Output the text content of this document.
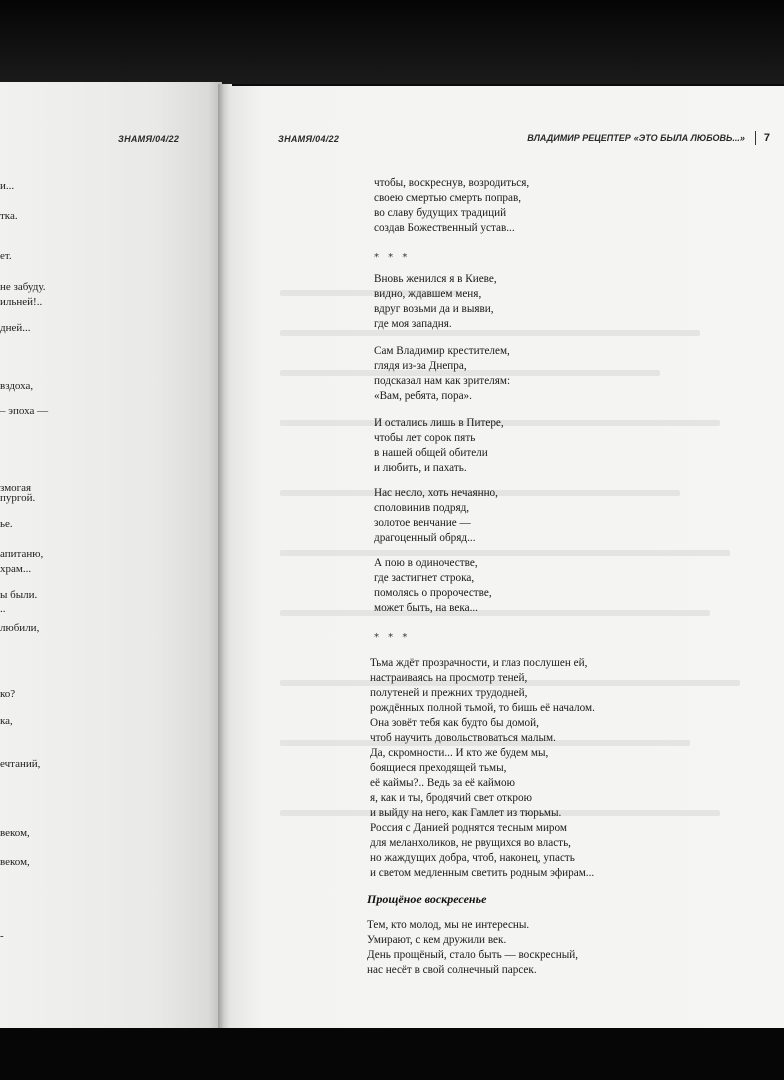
ЗНАМЯ/04/22	ЗНАМЯ/04/22	ВЛАДИМИР РЕЦЕПТЕР «ЭТО БЫЛА ЛЮБОВЬ...» 7
и...
тка.
ет.
не забуду.
ильней!..
дней...
вздоха,
– эпоха —
змогая
пургой.
ье.
апитаню,
храм...
ы были.
..
любили,
ко?
ка,
ечтаний,
веком,
веком,
-
чтобы, воскреснув, возродиться,
своею смертью смерть поправ,
во славу будущих традиций
создав Божественный устав...
* * *
Вновь женился я в Киеве,
видно, ждавшем меня,
вдруг возьми да и выяви,
где моя западня.
Сам Владимир крестителем,
глядя из-за Днепра,
подсказал нам как зрителям:
«Вам, ребята, пора».
И остались лишь в Питере,
чтобы лет сорок пять
в нашей общей обители
и любить, и пахать.
Нас несло, хоть нечаянно,
споловинив подряд,
золотое венчание —
драгоценный обряд...
А пою в одиночестве,
где застигнет строка,
помолясь о пророчестве,
может быть, на века...
* * *
Тьма ждёт прозрачности, и глаз послушен ей,
настраиваясь на просмотр теней,
полутеней и прежних трудодней,
рождённых полной тьмой, то бишь её началом.
Она зовёт тебя как будто бы домой,
чтоб научить довольствоваться малым.
Да, скромности... И кто же будем мы,
боящиеся преходящей тьмы,
её каймы?.. Ведь за её каймою
я, как и ты, бродячий свет открою
и выйду на него, как Гамлет из тюрьмы.
Россия с Данией роднятся тесным миром
для меланхоликов, не рвущихся во власть,
но жаждущих добра, чтоб, наконец, упасть
и светом медленным светить родным эфирам...
Прощёное воскресенье
Тем, кто молод, мы не интересны.
Умирают, с кем дружили век.
День прощёный, стало быть — воскресный,
нас несёт в свой солнечный парсек.
